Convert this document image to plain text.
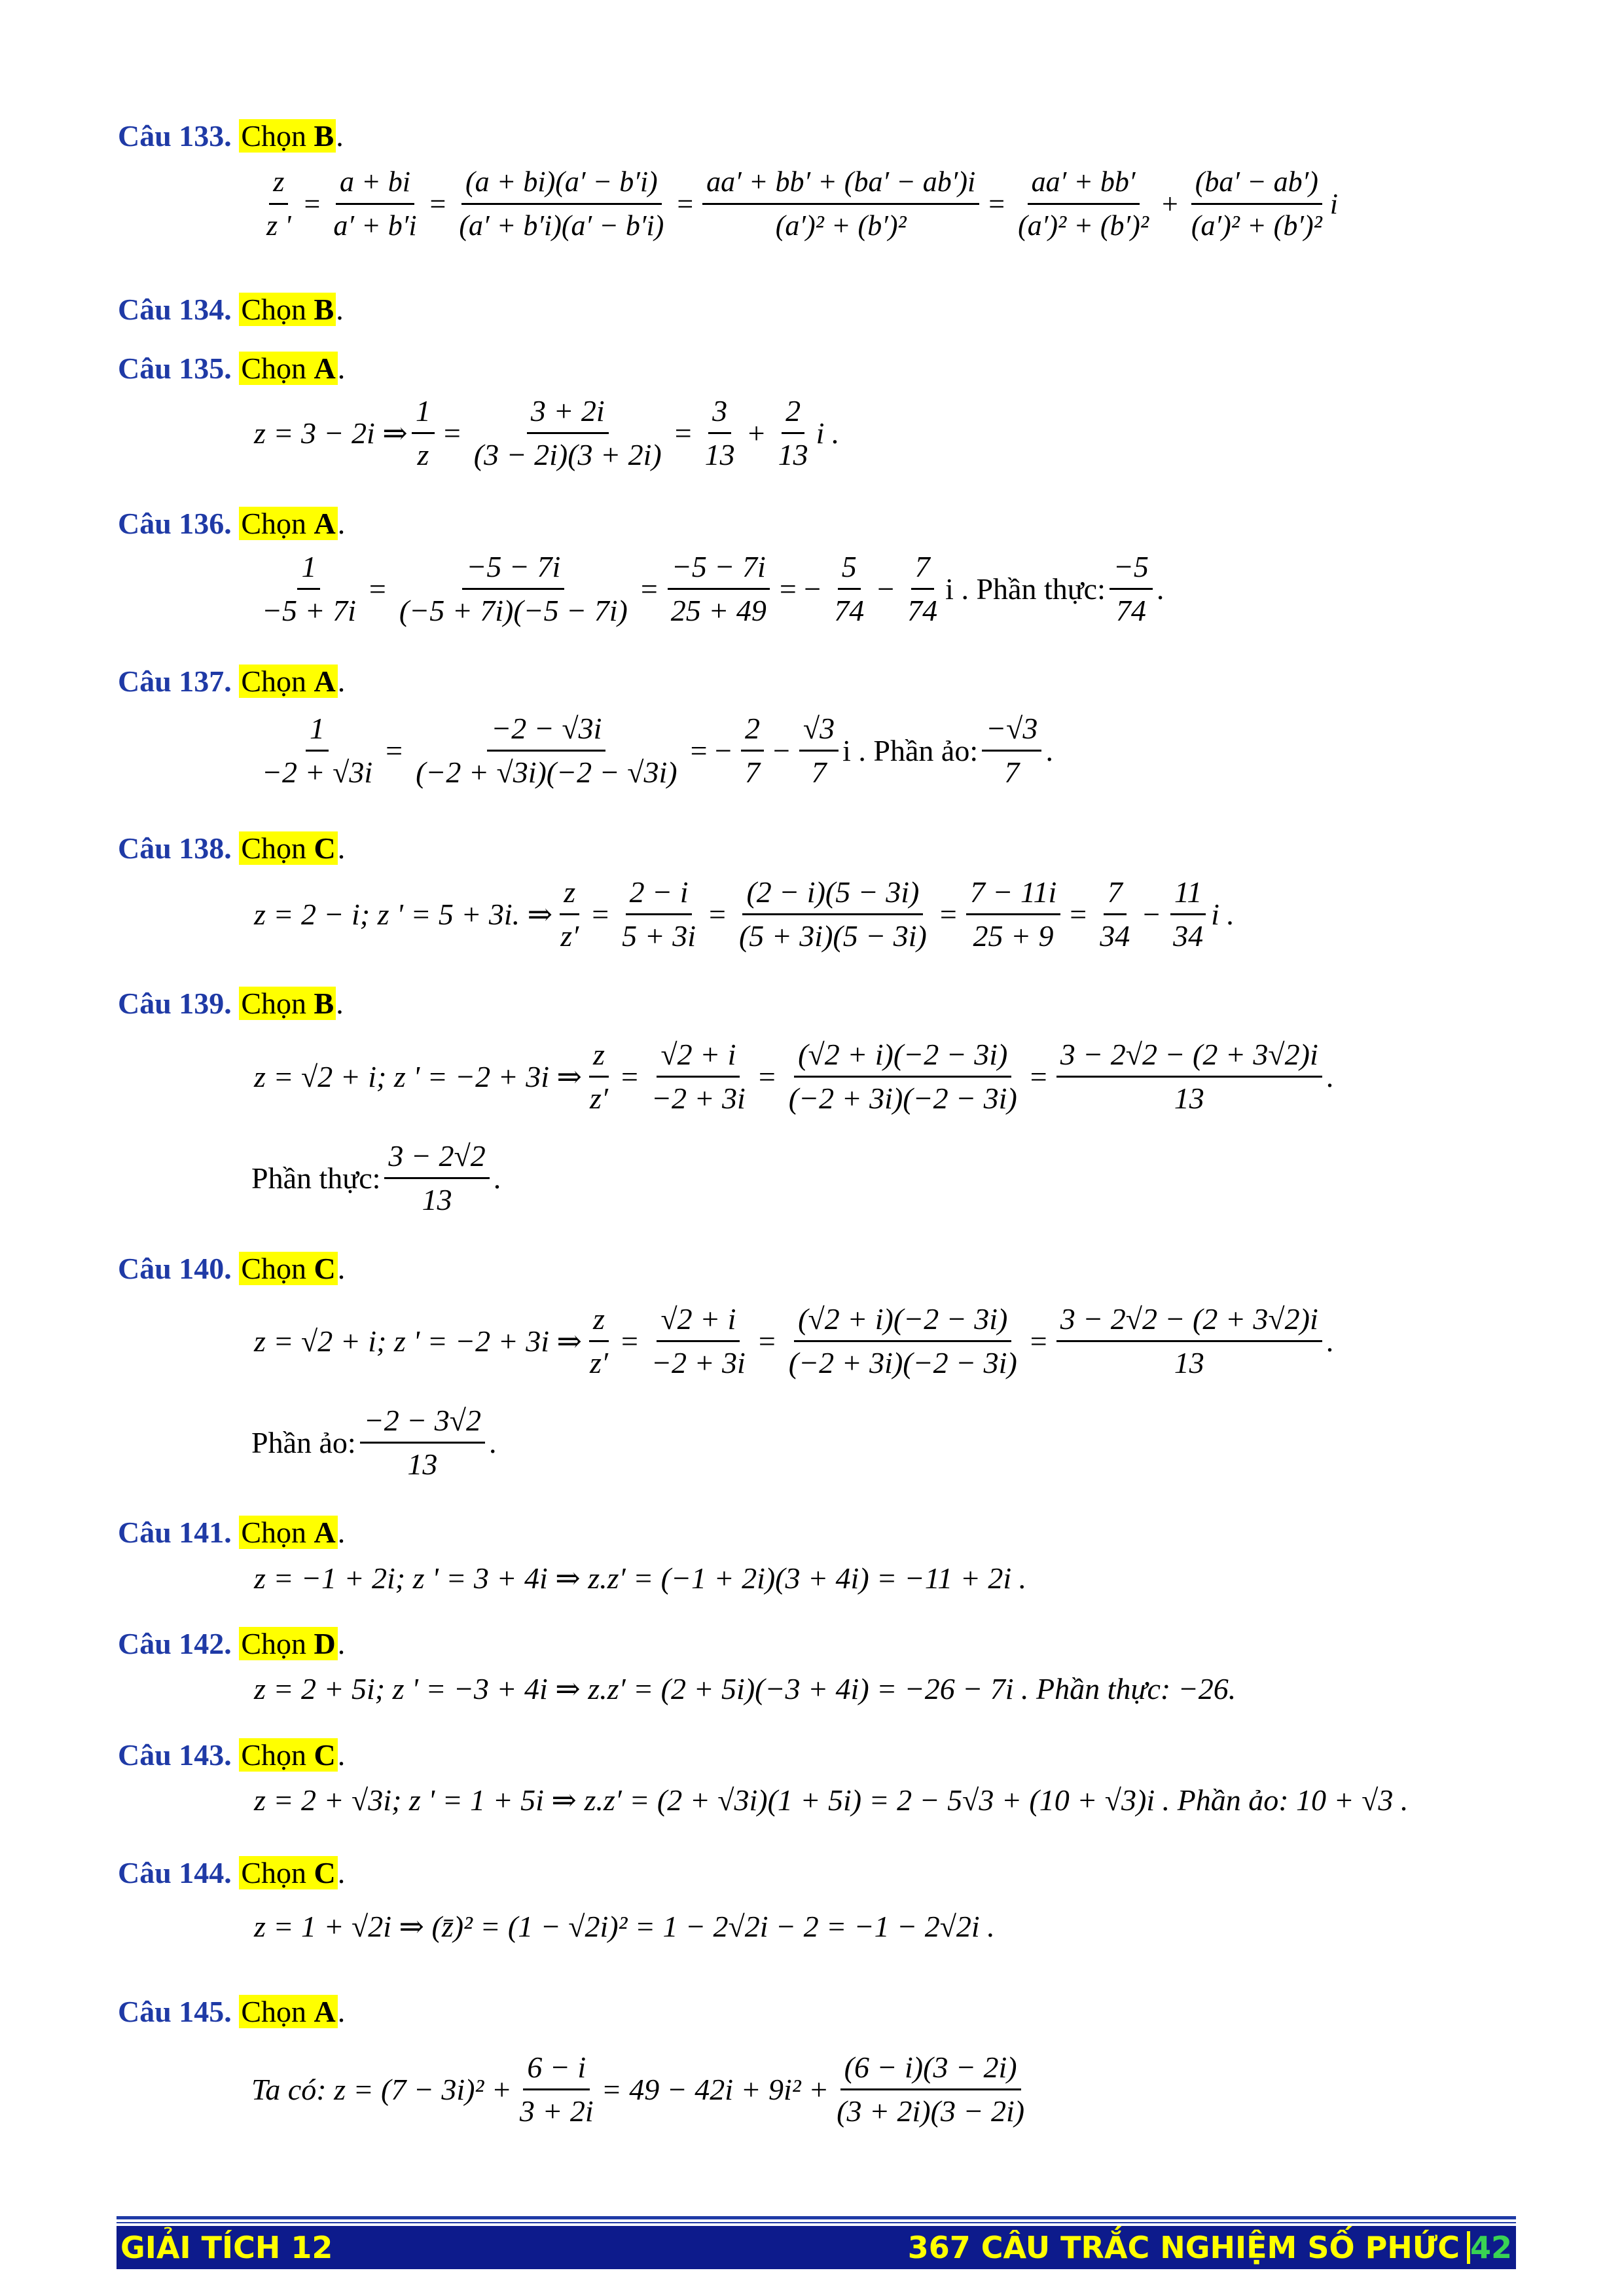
Câu 133. Chọn B.
$\frac{z}{z '} = \frac{a + bi}{a' + b'i} = \frac{(a + bi)(a' - b'i)}{(a' + b'i)(a' - b'i)} = \frac{aa' + bb' + (ba' - ab')i}{\text{(a′)² + (b′)²}} = \frac{aa' + bb'}{\text{(a′)² + (b′)²}} + \frac{(ba' - ab')}{\text{(a′)² + (b′)²}}$ i
Câu 134. Chọn B.
Câu 135. Chọn A.
z = 3 − 2i ⇒ $\frac{1}{z} = \frac{3 + 2i}{(3 - 2i)(3 + 2i)} = \frac{3}{13} + \frac{2}{13}$ i .
Câu 136. Chọn A.
$\frac{1}{-5 + 7i} = \frac{-5 - 7i}{(-5 + 7i)(-5 - 7i)} = \frac{-5 - 7i}{25 + 49}$ = − $\frac{5}{74} - \frac{7}{74}$ i . Phần thực: $\frac{-5}{74}$ .
Câu 137. Chọn A.
$\frac{1}{-2 + √3i} = \frac{-2 - √3i}{(-2 + √3i)(-2 - √3i)}$ = − $\frac{2}{7} - \frac{√3}{7}$ i . Phần ảo: $\frac{-√3}{7}$ .
Câu 138. Chọn C.
z = 2 − i; z ' = 5 + 3i. ⇒ $\frac{z}{z'} = \frac{2 - i}{5 + 3i} = \frac{(2 - i)(5 - 3i)}{(5 + 3i)(5 - 3i)} = \frac{7 - 11i}{25 + 9} = \frac{7}{34} - \frac{11}{34}$ i .
Câu 139. Chọn B.
z = √2 + i; z ' = −2 + 3i ⇒ $\frac{z}{z'} = \frac{√2 + i}{-2 + 3i} = \frac{(√2 + i)(-2 - 3i)}{(-2 + 3i)(-2 - 3i)} = \frac{3 - 2√2 - (2 + 3√2)i}{13}$ .
Phần thực: $\frac{3 - 2√2}{13}$ .
Câu 140. Chọn C.
z = √2 + i; z ' = −2 + 3i ⇒ $\frac{z}{z'} = \frac{√2 + i}{-2 + 3i} = \frac{(√2 + i)(-2 - 3i)}{(-2 + 3i)(-2 - 3i)} = \frac{3 - 2√2 - (2 + 3√2)i}{13}$ .
Phần ảo: $\frac{-2 - 3√2}{13}$ .
Câu 141. Chọn A.
z = −1 + 2i; z ' = 3 + 4i ⇒ z.z′ = (−1 + 2i)(3 + 4i) = −11 + 2i .
Câu 142. Chọn D.
z = 2 + 5i; z ' = −3 + 4i ⇒ z.z′ = (2 + 5i)(−3 + 4i) = −26 − 7i . Phần thực: −26.
Câu 143. Chọn C.
z = 2 + √3i; z ' = 1 + 5i ⇒ z.z′ = (2 + √3i)(1 + 5i) = 2 − 5√3 + (10 + √3)i . Phần ảo: 10 + √3 .
Câu 144. Chọn C.
z = 1 + √2i ⇒ (z̄)² = (1 − √2i)² = 1 − 2√2i − 2 = −1 − 2√2i .
Câu 145. Chọn A.
Ta có: $z = (7 - 3i)^2 + \frac{6 - i}{3 + 2i} = 49 - 42i + 9i^2 + \frac{(6 - i)(3 - 2i)}{(3 + 2i)(3 - 2i)}$
GIẢI TÍCH 12	367 CÂU TRẮC NGHIỆM SỐ PHỨC 42
